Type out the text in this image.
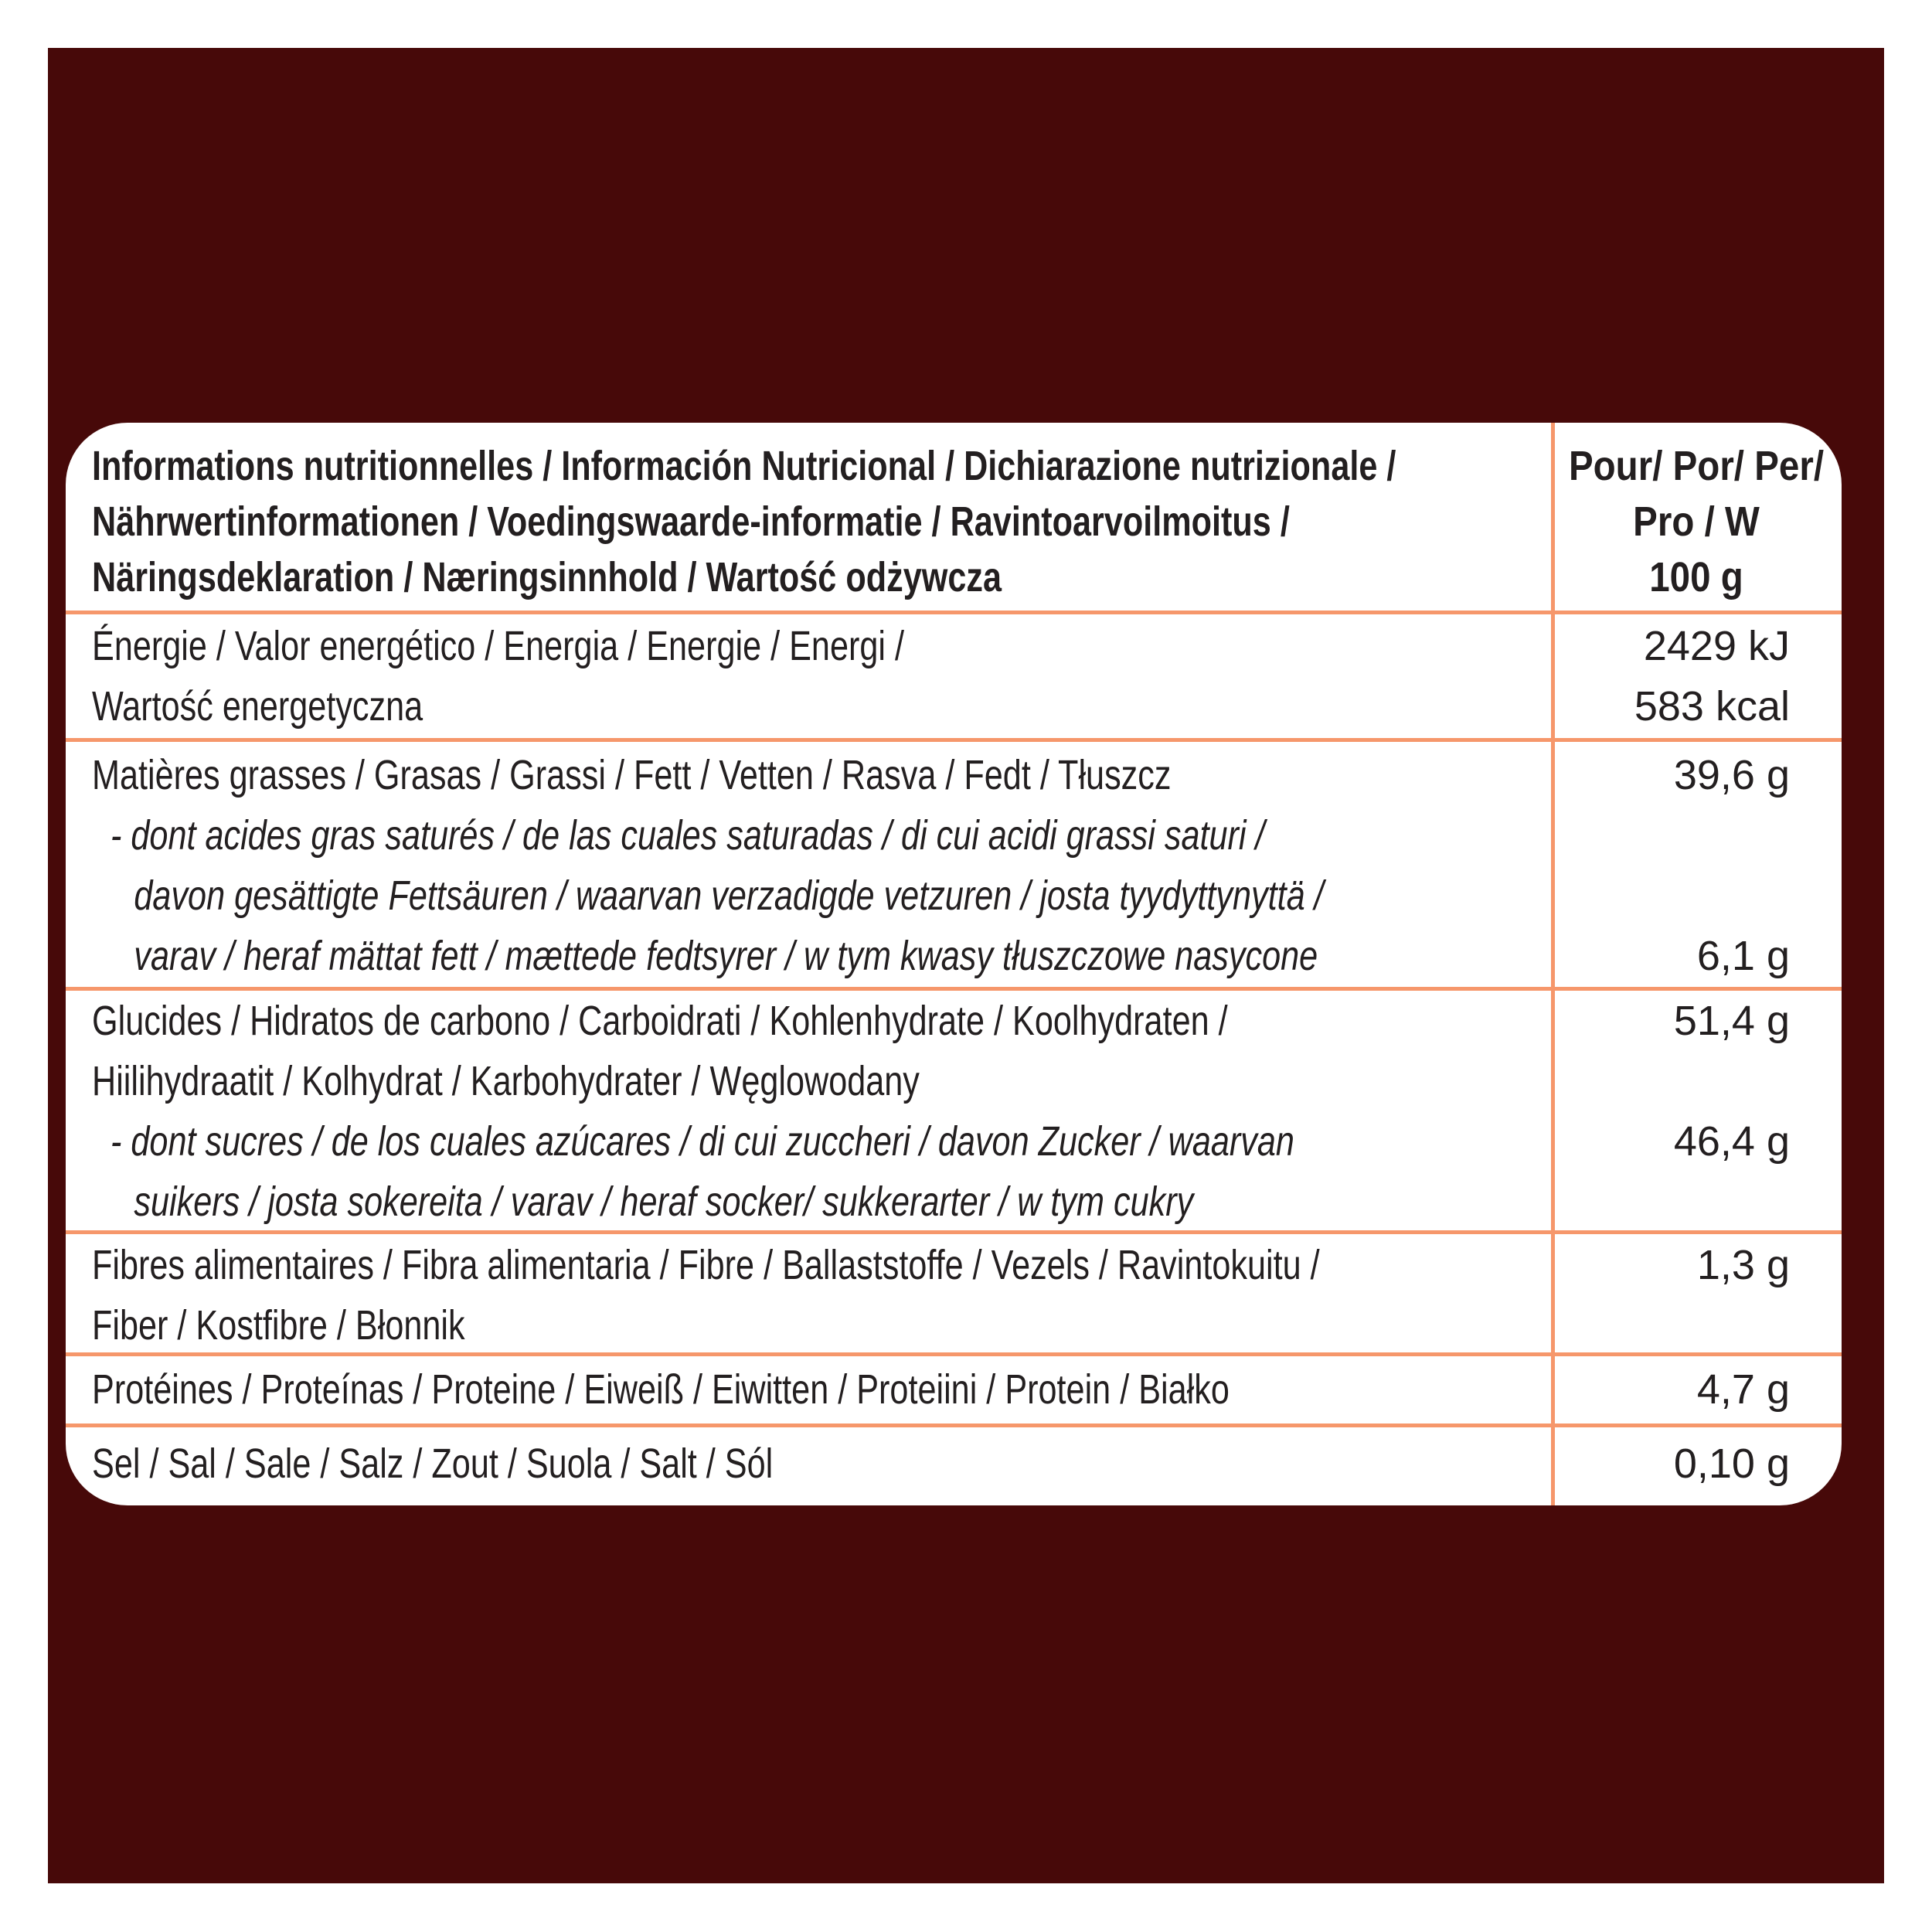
Informations nutritionnelles / Información Nutricional / Dichiarazione nutrizionale /
Nährwertinformationen / Voedingswaarde-informatie / Ravintoarvoilmoitus /
Näringsdeklaration / Næringsinnhold / Wartość odżywcza
Pour/ Por/ Per/
Pro / W
100 g
Énergie / Valor energético / Energia / Energie / Energi /
Wartość energetyczna
2429 kJ
583 kcal
Matières grasses / Grasas / Grassi / Fett / Vetten / Rasva / Fedt / Tłuszcz
- dont acides gras saturés / de las cuales saturadas / di cui acidi grassi saturi /
davon gesättigte Fettsäuren / waarvan verzadigde vetzuren / josta tyydyttynyttä /
varav / heraf mättat fett / mættede fedtsyrer / w tym kwasy tłuszczowe nasycone
39,6 g
6,1 g
Glucides / Hidratos de carbono / Carboidrati / Kohlenhydrate / Koolhydraten /
Hiilihydraatit / Kolhydrat / Karbohydrater / Węglowodany
- dont sucres / de los cuales azúcares / di cui zuccheri / davon Zucker / waarvan
suikers / josta sokereita / varav / heraf socker/ sukkerarter / w tym cukry
51,4 g
46,4 g
Fibres alimentaires / Fibra alimentaria / Fibre / Ballaststoffe / Vezels / Ravintokuitu /
Fiber / Kostfibre / Błonnik
1,3 g
Protéines / Proteínas / Proteine / Eiweiß / Eiwitten / Proteiini / Protein / Białko	4,7 g
Sel / Sal / Sale / Salz / Zout / Suola / Salt / Sól	0,10 g
